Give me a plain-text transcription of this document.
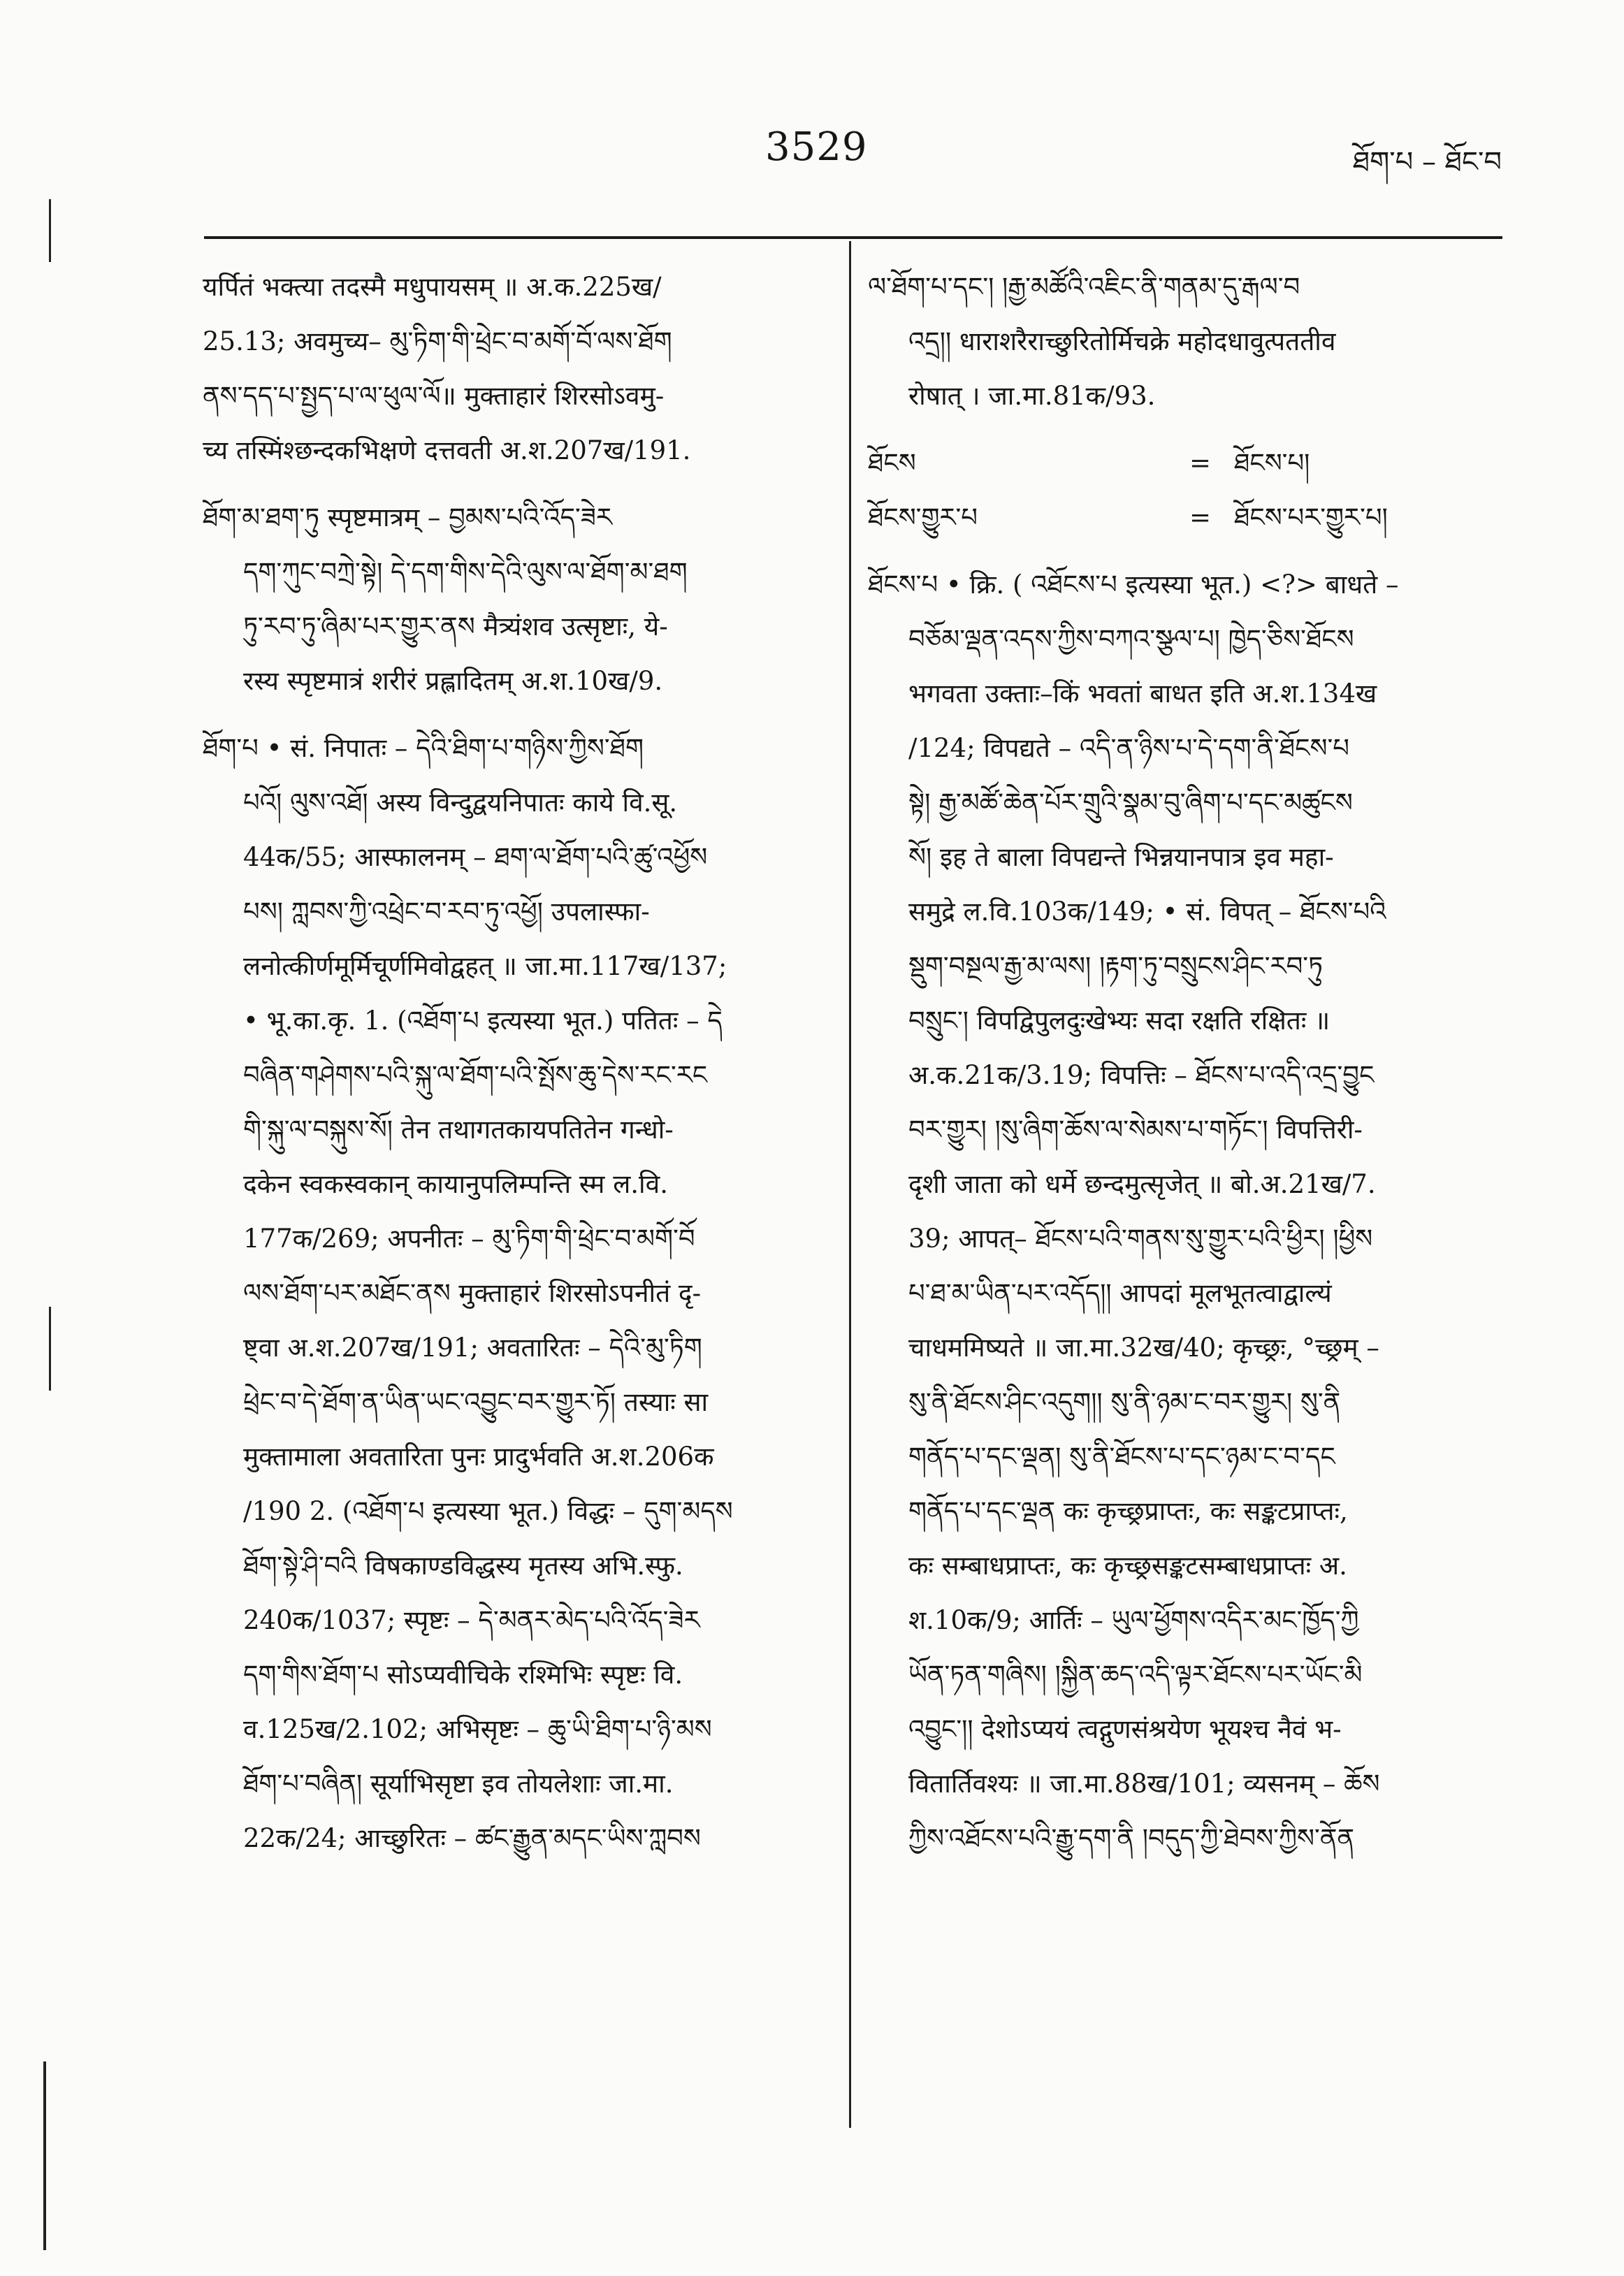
3529	ཐོག་པ – ཐོང་བ
यर्पितं भक्त्या तदस्मै मधुपायसम् ॥ अ.क.225ख/
25.13; अवमुच्य– མུ་ཏིག་གི་ཕྲེང་བ་མགོ་བོ་ལས་ཐོག
ནས་དད་པ་སྤྱད་པ་ལ་ཕུལ་ལོ॥ मुक्ताहारं शिरसोऽवमु-
च्य तस्मिंश्छन्दकभिक्षणे दत्तवती अ.श.207ख/191.
ཐོག་མ་ཐག་ཏུ स्पृष्टमात्रम् – བྱམས་པའི་འོད་ཟེར
དག་ཀུང་བཀྲེ་སྟེ། དེ་དག་གིས་དེའི་ལུས་ལ་ཐོག་མ་ཐག
ཏུ་རབ་ཏུ་ཞིམ་པར་གྱུར་ནས मैत्र्यंशव उत्सृष्टाः, ये-
रस्य स्पृष्टमात्रं शरीरं प्रह्लादितम् अ.श.10ख/9.
ཐོག་པ • सं. निपातः – དེའི་ཐིག་པ་གཉིས་ཀྱིས་ཐོག
པའོ། ལུས་འཐོ། अस्य विन्दुद्वयनिपातः काये वि.सू.
44क/55; आस्फालनम् – ཐག་ལ་ཐོག་པའི་ཚུ་འཕྱོས
པས། ཀླབས་ཀྱི་འཕྲེང་བ་རབ་ཏུ་འཕྱོ། उपलास्फा-
लनोत्कीर्णमूर्मिचूर्णमिवोद्वहत् ॥ जा.मा.117ख/137;
• भू.का.कृ. 1. (འཐོག་པ इत्यस्या भूत.) पतितः – དེ
བཞིན་གཤེགས་པའི་སྐུ་ལ་ཐོག་པའི་སྤོས་ཆུ་དེས་རང་རང
གི་སྐུ་ལ་བསྐུས་སོ། तेन तथागतकायपतितेन गन्धो-
दकेन स्वकस्वकान् कायानुपलिम्पन्ति स्म ल.वि.
177क/269; अपनीतः – མུ་ཏིག་གི་ཕྲེང་བ་མགོ་བོ
ལས་ཐོག་པར་མཐོང་ནས मुक्ताहारं शिरसोऽपनीतं दृ-
ष्ट्वा अ.श.207ख/191; अवतारितः – དེའི་མུ་ཏིག
ཕྲེང་བ་དེ་ཐོག་ན་ཡིན་ཡང་འབྱུང་བར་གྱུར་ཏོ། तस्याः सा
मुक्तामाला अवतारिता पुनः प्रादुर्भवति अ.श.206क
/190 2. (འཐོག་པ इत्यस्या भूत.) विद्धः – དུག་མདས
ཐོག་སྟེ་ཤི་བའི विषकाण्डविद्धस्य मृतस्य अभि.स्फु.
240क/1037; स्पृष्टः – དེ་མནར་མེད་པའི་འོད་ཟེར
དག་གིས་ཐོག་པ सोऽप्यवीचिके रश्मिभिः स्पृष्टः वि.
व.125ख/2.102; अभिसृष्टः – ཆུ་ཡི་ཐིག་པ་ཉི་མས
ཐོག་པ་བཞིན། सूर्याभिसृष्टा इव तोयलेशाः जा.मा.
22क/24; आच्छुरितः – ཚང་རྒྱུན་མདང་ཡིས་ཀླབས
ལ་ཐོག་པ་དང་། །རྒྱ་མཚོའི་འཇིང་ནི་གནམ་དུ་རྒལ་བ
འདྲ།། धाराशरैराच्छुरितोर्मिचक्रे महोदधावुत्पततीव
रोषात् । जा.मा.81क/93.
ཐོངས	= ཐོངས་པ།
ཐོངས་གྱུར་པ	= ཐོངས་པར་གྱུར་པ།
ཐོངས་པ • क्रि. ( འཐོངས་པ इत्यस्या भूत.) <?> बाधते –
བཅོམ་ལྡན་འདས་ཀྱིས་བཀའ་སྩལ་པ། ཁྱེད་ཅིས་ཐོངས
भगवता उक्ताः–किं भवतां बाधत इति अ.श.134ख
/124; विपद्यते – འདི་ན་ཉིས་པ་དེ་དག་ནི་ཐོངས་པ
སྟེ། རྒྱ་མཚོ་ཆེན་པོར་གྲུའི་སྣམ་བུ་ཞིག་པ་དང་མཚུངས
སོ། इह ते बाला विपद्यन्ते भिन्नयानपात्र इव महा-
समुद्रे ल.वि.103क/149; • सं. विपत् – ཐོངས་པའི
སྡུག་བསྔལ་རྒྱ་མ་ལས། །རྟག་ཏུ་བསྲུངས་ཤིང་རབ་ཏུ
བསྲུང་། विपद्विपुलदुःखेभ्यः सदा रक्षति रक्षितः ॥
अ.क.21क/3.19; विपत्तिः – ཐོངས་པ་འདི་འདྲ་བྱུང
བར་གྱུར། །སུ་ཞིག་ཆོས་ལ་སེམས་པ་གཏོང་། विपत्तिरी-
दृशी जाता को धर्मे छन्दमुत्सृजेत् ॥ बो.अ.21ख/7.
39; आपत्– ཐོངས་པའི་གནས་སུ་གྱུར་པའི་ཕྱིར། །ཕྱིས
པ་ཐ་མ་ཡིན་པར་འདོད།། आपदां मूलभूतत्वाद्वाल्यं
चाधममिष्यते ॥ जा.मा.32ख/40; कृच्छ्रः, °च्छ्रम् –
སུ་ནི་ཐོངས་ཤིང་འདུག།། སུ་ནི་ཉམ་ང་བར་གྱུར། སུ་ནི
གནོད་པ་དང་ལྡན། སུ་ནི་ཐོངས་པ་དང་ཉམ་ང་བ་དང
གནོད་པ་དང་ལྡན कः कृच्छ्रप्राप्तः, कः सङ्कटप्राप्तः,
कः सम्बाधप्राप्तः, कः कृच्छ्रसङ्कटसम्बाधप्राप्तः अ.
श.10क/9; आर्तिः – ཡུལ་ཕྱོགས་འདིར་མང་ཁྱོད་ཀྱི
ཡོན་ཏན་གཞིས། །སྐྱིན་ཆད་འདི་ལྟར་ཐོངས་པར་ཡོང་མི
འབྱུང་།། देशोऽप्ययं त्वद्गुणसंश्रयेण भूयश्च नैवं भ-
वितार्तिवश्यः ॥ जा.मा.88ख/101; व्यसनम् – ཆོས
ཀྱིས་འཐོངས་པའི་རྒྱུ་དག་ནི །བདུད་ཀྱི་ཐེབས་ཀྱིས་ནོན
